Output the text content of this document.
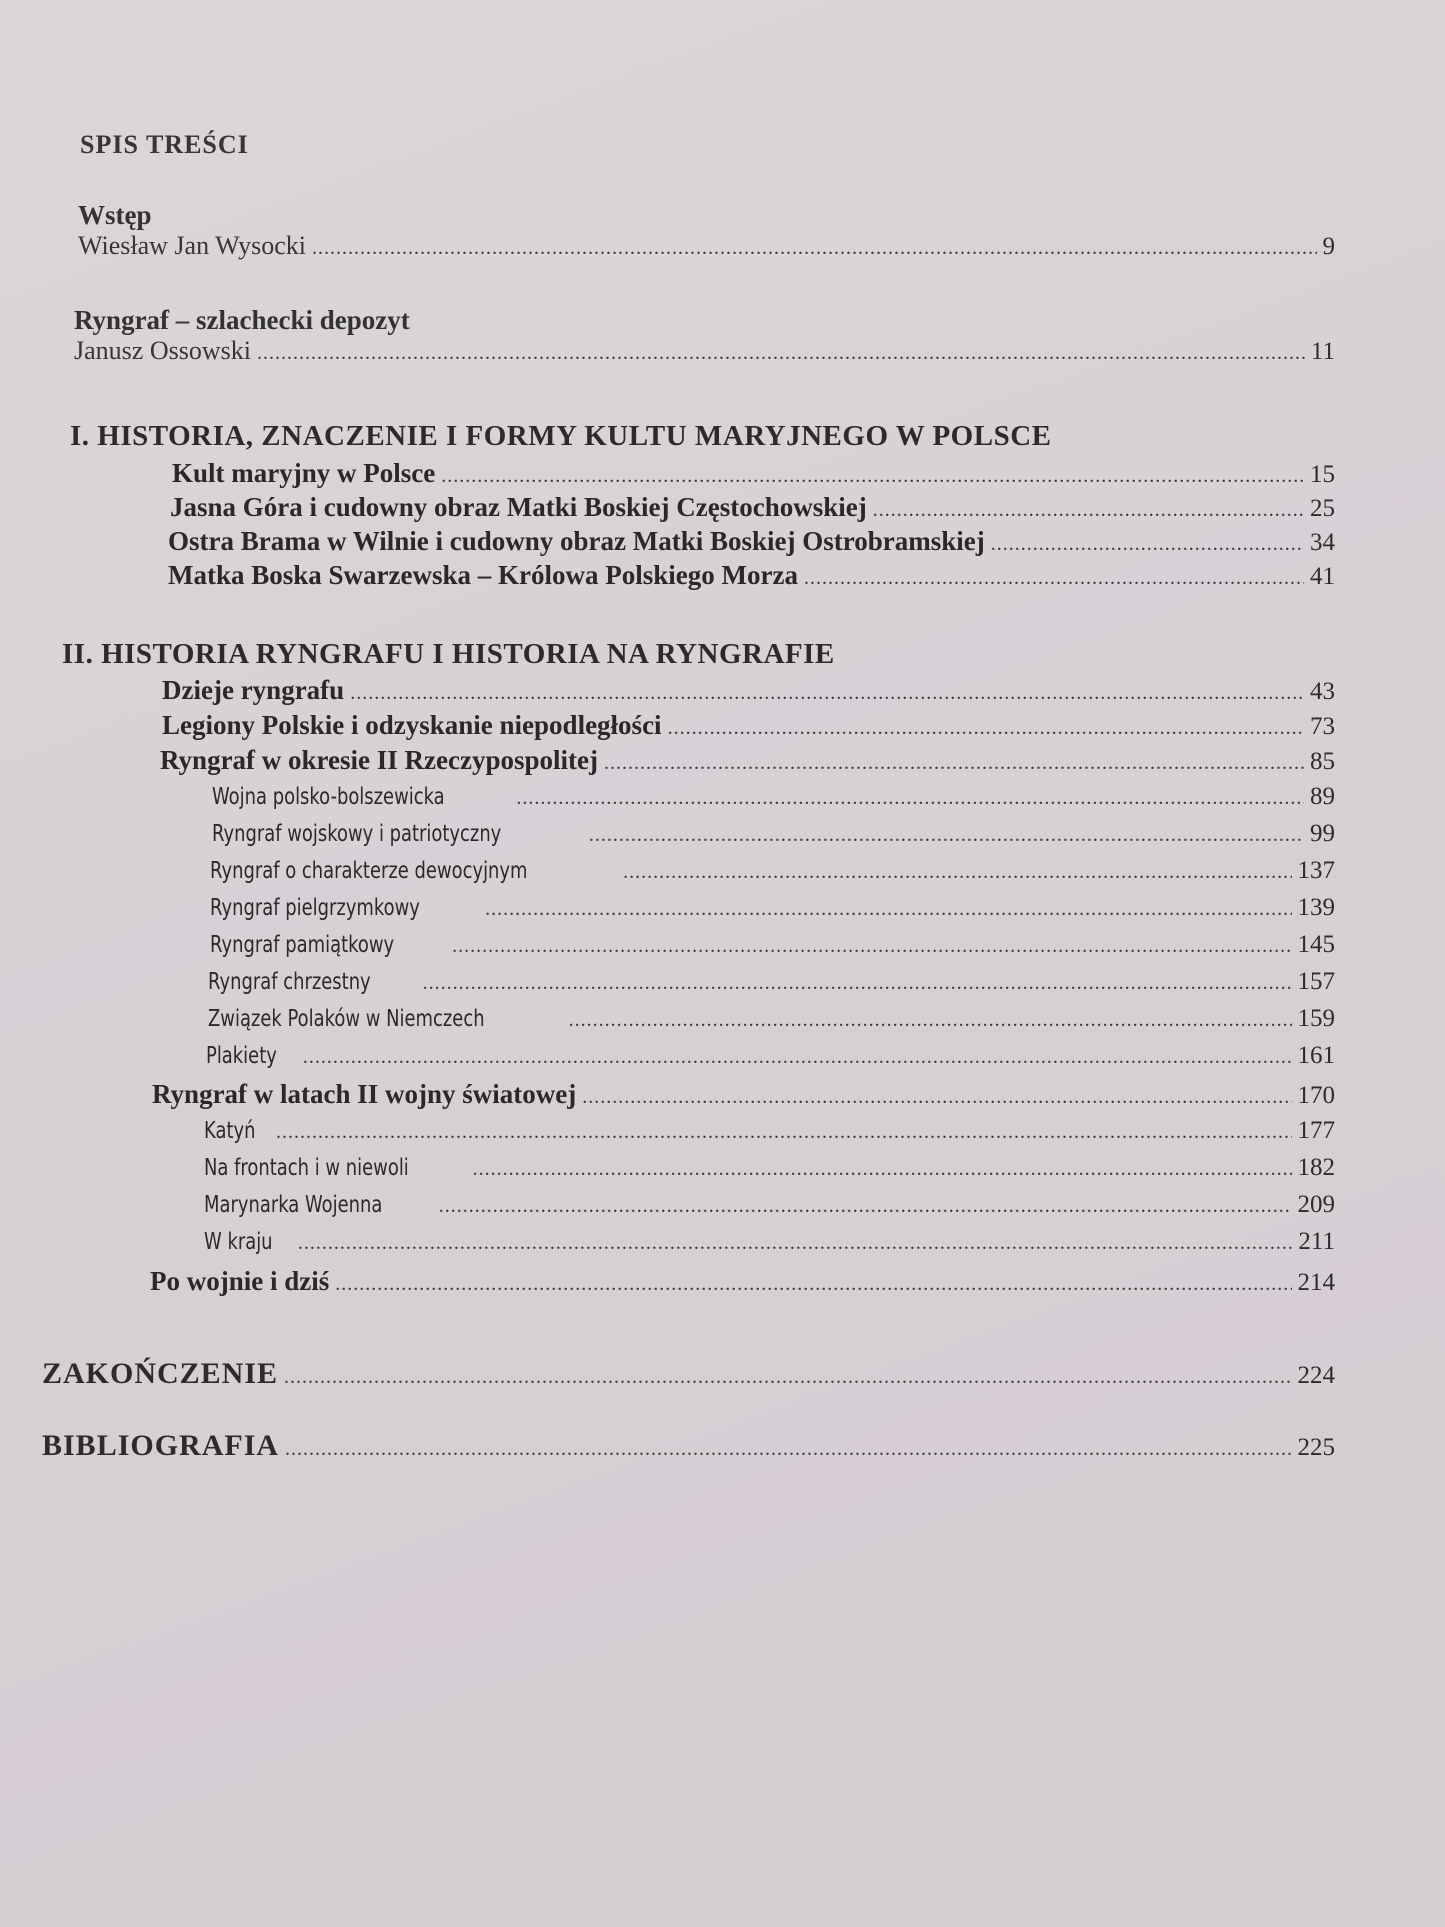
SPIS TREŚCI
Wstęp
Wiesław Jan Wysocki .....	9
Ryngraf – szlachecki depozyt
Janusz Ossowski .....	11
I. HISTORIA, ZNACZENIE I FORMY KULTU MARYJNEGO W POLSCE
Kult maryjny w Polsce .....	15
Jasna Góra i cudowny obraz Matki Boskiej Częstochowskiej .....	25
Ostra Brama w Wilnie i cudowny obraz Matki Boskiej Ostrobramskiej .....	34
Matka Boska Swarzewska – Królowa Polskiego Morza .....	41
II. HISTORIA RYNGRAFU I HISTORIA NA RYNGRAFIE
Dzieje ryngrafu .....	43
Legiony Polskie i odzyskanie niepodległości .....	73
Ryngraf w okresie II Rzeczypospolitej .....	85
Wojna polsko-bolszewicka .....	89
Ryngraf wojskowy i patriotyczny .....	99
Ryngraf o charakterze dewocyjnym .....	137
Ryngraf pielgrzymkowy .....	139
Ryngraf pamiątkowy .....	145
Ryngraf chrzestny .....	157
Związek Polaków w Niemczech .....	159
Plakiety .....	161
Ryngraf w latach II wojny światowej .....	170
Katyń .....	177
Na frontach i w niewoli .....	182
Marynarka Wojenna .....	209
W kraju .....	211
Po wojnie i dziś .....	214
ZAKOŃCZENIE .....	224
BIBLIOGRAFIA .....	225
